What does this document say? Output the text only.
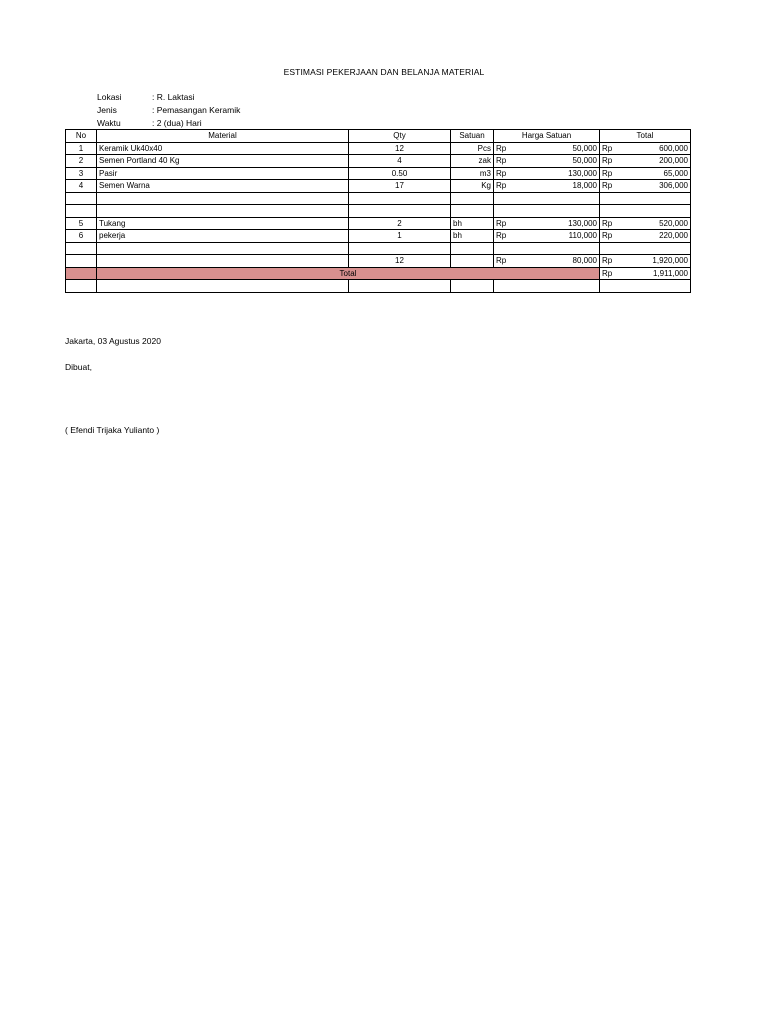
ESTIMASI PEKERJAAN DAN BELANJA MATERIAL
Lokasi	: R. Laktasi
Jenis	: Pemasangan Keramik
Waktu	: 2 (dua) Hari
No	Material	Qty	Satuan	Harga Satuan	Total
1	Keramik Uk40x40	12	Pcs	Rp 50,000	Rp 600,000

2	Semen Portland 40 Kg	4	zak	Rp 50,000	Rp 200,000

3	Pasir	0.50	m3	Rp 130,000	Rp 65,000

4	Semen Warna	17	Kg	Rp 18,000	Rp 306,000

5	Tukang	2	bh	Rp 130,000	Rp 520,000

6	pekerja	1	bh	Rp 110,000	Rp 220,000

		12		Rp 80,000	Rp 1,920,000

	Total				Rp 1,911,000

Jakarta, 03 Agustus 2020
Dibuat,
( Efendi Trijaka Yulianto )
